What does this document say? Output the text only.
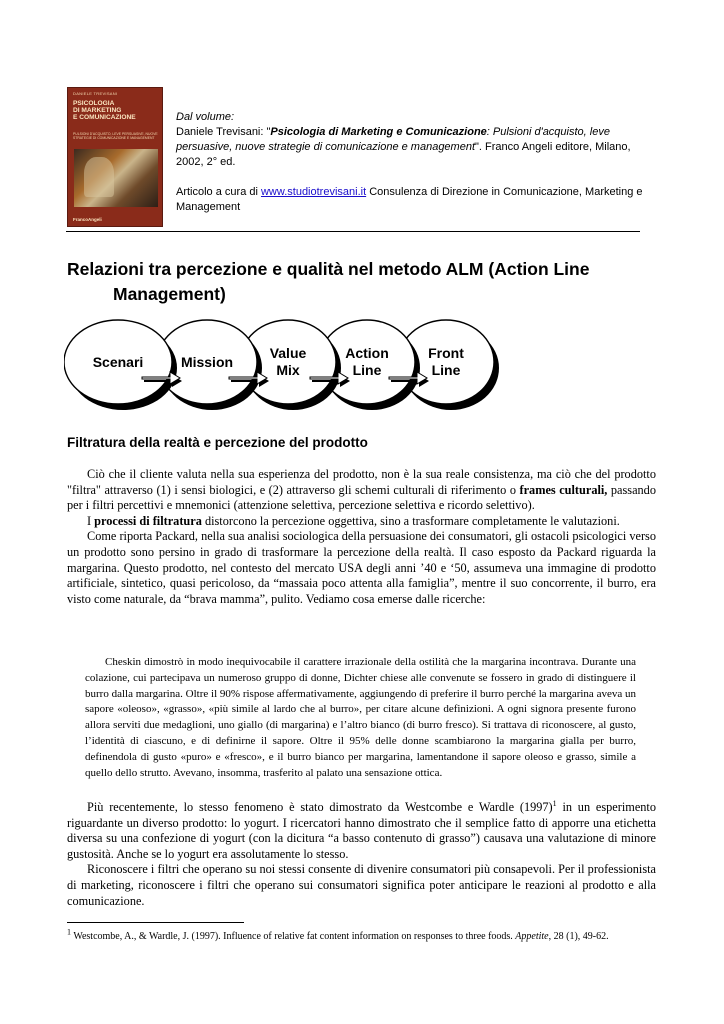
DANIELE TREVISANI
PSICOLOGIA
DI MARKETING
E COMUNICAZIONE
PULSIONI D'ACQUISTO, LEVE PERSUASIVE, NUOVE STRATEGIE DI COMUNICAZIONE E MANAGEMENT
FrancoAngeli

Dal volume:

Daniele Trevisani: "Psicologia di Marketing e Comunicazione: Pulsioni d'acquisto, leve persuasive, nuove strategie di comunicazione e management". Franco Angeli editore, Milano, 2002, 2° ed.

Articolo a cura di www.studiotrevisani.it Consulenza di Direzione in Comunicazione, Marketing e Management

Relazioni tra percezione e qualità nel metodo ALM (Action Line
Management)
Front
Line
Action
Line
Value
Mix
Mission
Scenari
Filtratura della realtà e percezione del prodotto

Ciò che il cliente valuta nella sua esperienza del prodotto, non è la sua reale consistenza, ma ciò che del prodotto "filtra" attraverso (1) i sensi biologici, e (2) attraverso gli schemi culturali di riferimento o frames culturali, passando per i filtri percettivi e mnemonici (attenzione selettiva, percezione selettiva e ricordo selettivo).

I processi di filtratura distorcono la percezione oggettiva, sino a trasformare completamente le valutazioni.

Come riporta Packard, nella sua analisi sociologica della persuasione dei consumatori, gli ostacoli psicologici verso un prodotto sono persino in grado di trasformare la percezione della realtà. Il caso esposto da Packard riguarda la margarina. Questo prodotto, nel contesto del mercato USA degli anni ’40 e ‘50, assumeva una immagine di prodotto artificiale, sintetico, quasi pericoloso, da “massaia poco attenta alla famiglia”, mentre il suo concorrente, il burro, era visto come naturale, da “brava mamma”, pulito. Vediamo cosa emerse dalle ricerche:

Cheskin dimostrò in modo inequivocabile il carattere irrazionale della ostilità che la margarina incontrava. Durante una colazione, cui partecipava un numeroso gruppo di donne, Dichter chiese alle convenute se fossero in grado di distinguere il burro dalla margarina. Oltre il 90% rispose affermativamente, aggiungendo di preferire il burro perché la margarina aveva un sapore «oleoso», «grasso», «più simile al lardo che al burro», per citare alcune definizioni. A ogni signora presente furono allora serviti due medaglioni, uno giallo (di margarina) e l’altro bianco (di burro fresco). Si trattava di riconoscere, al gusto, l’identità di ciascuno, e di definirne il sapore. Oltre il 95% delle donne scambiarono la margarina gialla per burro, definendola di gusto «puro» e «fresco», e il burro bianco per margarina, lamentandone il sapore oleoso e grasso, simile a quello dello strutto. Avevano, insomma, trasferito al palato una sensazione ottica.

Più recentemente, lo stesso fenomeno è stato dimostrato da Westcombe e Wardle $(1997)^1$ in un esperimento riguardante un diverso prodotto: lo yogurt. I ricercatori hanno dimostrato che il semplice fatto di apporre una etichetta diversa su una confezione di yogurt (con la dicitura “a basso contenuto di grasso”) causava una valutazione di minore gustosità. Anche se lo yogurt era assolutamente lo stesso.

Riconoscere i filtri che operano su noi stessi consente di divenire consumatori più consapevoli. Per il professionista di marketing, riconoscere i filtri che operano sui consumatori significa poter anticipare le reazioni al prodotto e alla comunicazione.

$^1$ Westcombe, A., & Wardle, J. (1997). Influence of relative fat content information on responses to three foods. Appetite, 28 (1), 49-62.
